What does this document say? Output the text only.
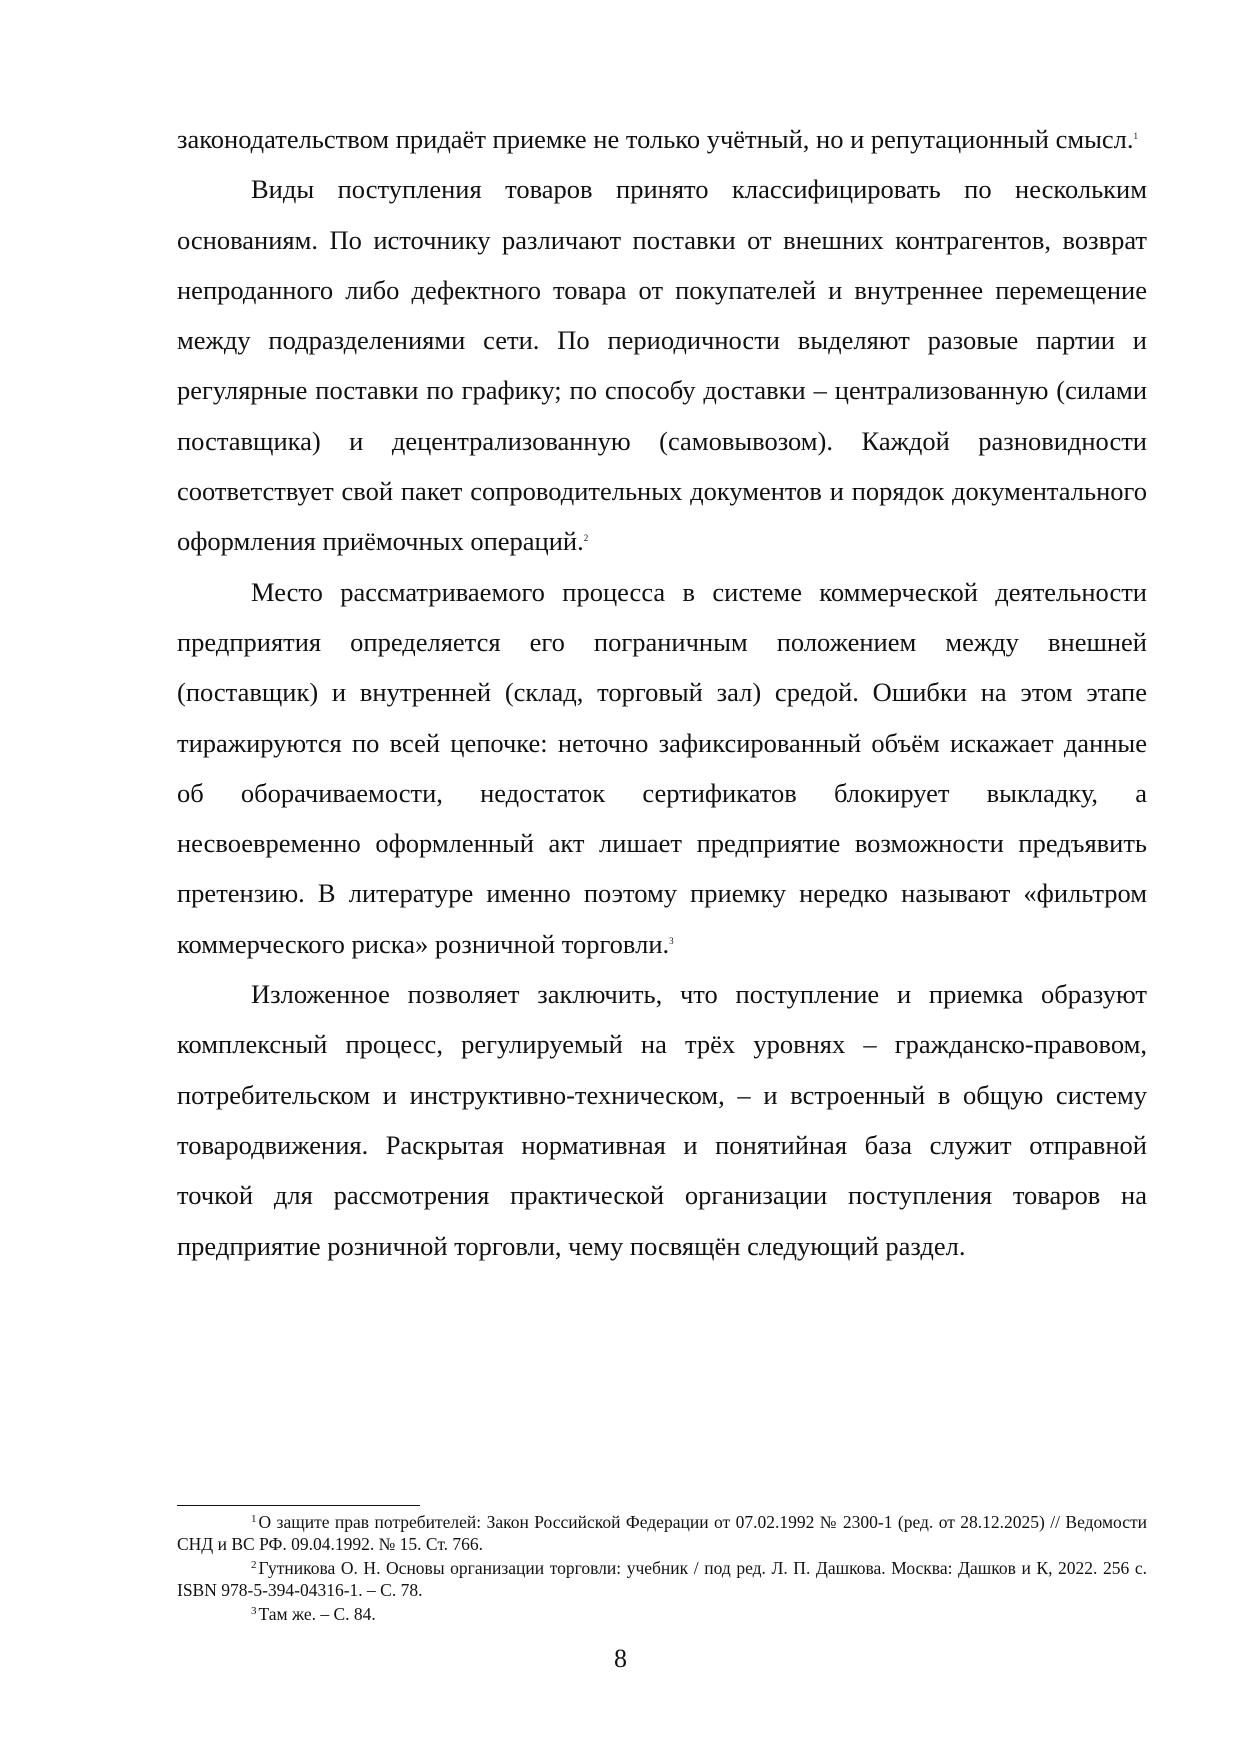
законодательством придаёт приемке не только учётный, но и репутационный смысл.$^1$

Виды поступления товаров принято классифицировать по нескольким основаниям. По источнику различают поставки от внешних контрагентов, возврат непроданного либо дефектного товара от покупателей и внутреннее перемещение между подразделениями сети. По периодичности выделяют разовые партии и регулярные поставки по графику; по способу доставки – централизованную (силами поставщика) и децентрализованную (самовывозом). Каждой разновидности соответствует свой пакет сопроводительных документов и порядок документального оформления приёмочных операций.$^2$

Место рассматриваемого процесса в системе коммерческой деятельности предприятия определяется его пограничным положением между внешней (поставщик) и внутренней (склад, торговый зал) средой. Ошибки на этом этапе тиражируются по всей цепочке: неточно зафиксированный объём искажает данные об оборачиваемости, недостаток сертификатов блокирует выкладку, а несвоевременно оформленный акт лишает предприятие возможности предъявить претензию. В литературе именно поэтому приемку нередко называют «фильтром коммерческого риска» розничной торговли.$^3$

Изложенное позволяет заключить, что поступление и приемка образуют комплексный процесс, регулируемый на трёх уровнях – гражданско-правовом, потребительском и инструктивно-техническом, – и встроенный в общую систему товародвижения. Раскрытая нормативная и понятийная база служит отправной точкой для рассмотрения практической организации поступления товаров на предприятие розничной торговли, чему посвящён следующий раздел.

$^1$ О защите прав потребителей: Закон Российской Федерации от 07.02.1992 № 2300-1 (ред. от 28.12.2025) // Ведомости СНД и ВС РФ. 09.04.1992. № 15. Ст. 766.

$^2$ Гутникова О. Н. Основы организации торговли: учебник / под ред. Л. П. Дашкова. Москва: Дашков и К, 2022. 256 с. ISBN 978-5-394-04316-1. – С. 78.

$^3$ Там же. – С. 84.

8
